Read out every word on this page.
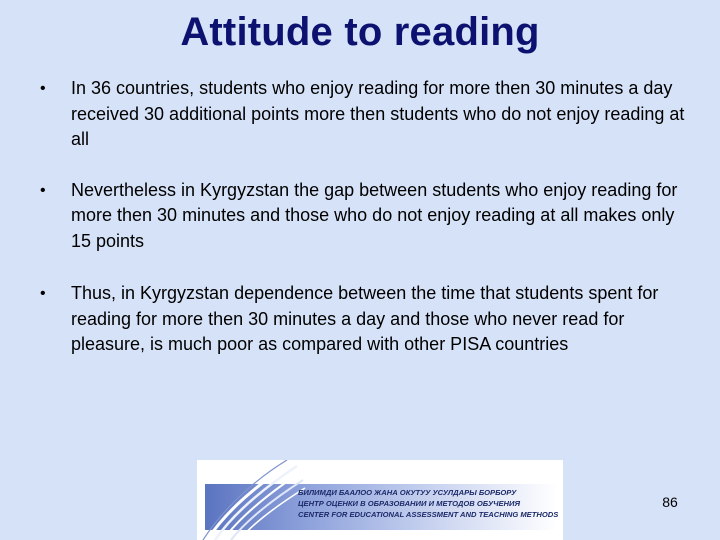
Attitude to reading
• In 36 countries, students who enjoy reading for more then 30 minutes a day received 30 additional points more then students who do not enjoy reading at all
• Nevertheless in Kyrgyzstan the gap between students who enjoy reading for more then 30 minutes and those who do not enjoy reading at all makes only 15 points
• Thus, in Kyrgyzstan dependence between the time that students spent for reading for more then 30 minutes a day and those who never read for pleasure, is much poor as compared with other PISA countries
БИЛИМДИ БААЛОО ЖАНА ОКУТУУ УСУЛДАРЫ БОРБОРУ
ЦЕНТР ОЦЕНКИ В ОБРАЗОВАНИИ И МЕТОДОВ ОБУЧЕНИЯ
CENTER FOR EDUCATIONAL ASSESSMENT AND TEACHING METHODS
86
